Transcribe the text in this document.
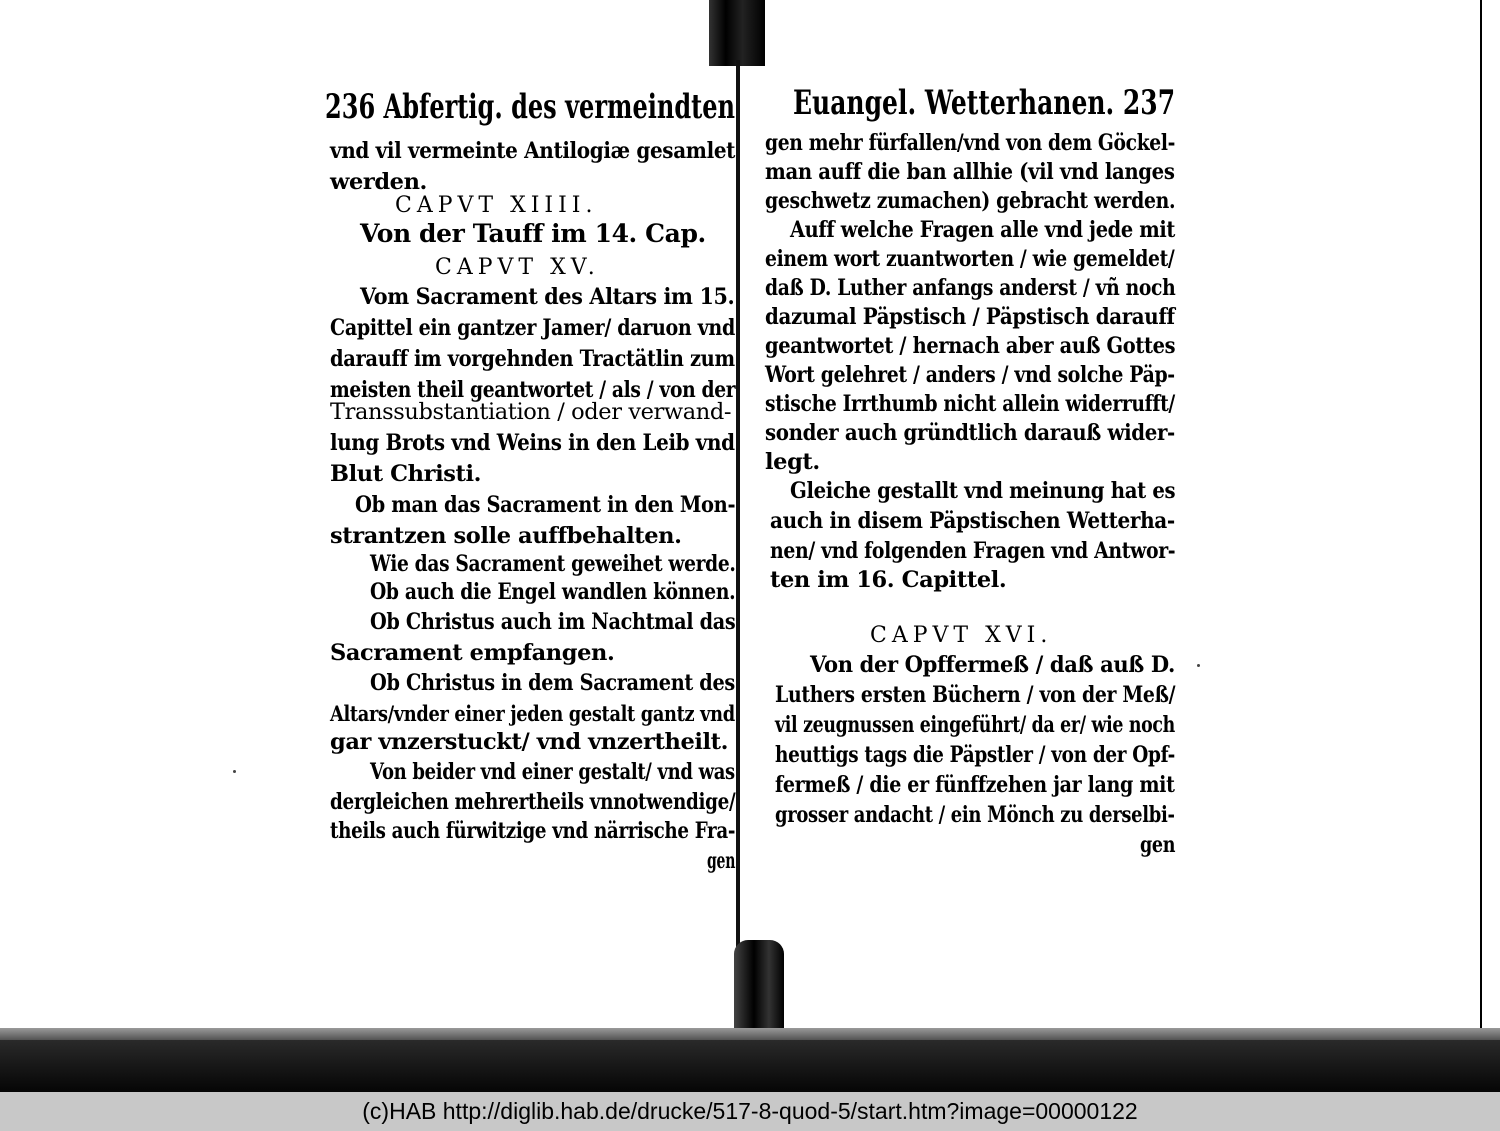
236 Abfertig. des vermeindten
vnd vil vermeinte Antilogiæ gesamlet
werden.
CAPVT XIIII.
Von der Tauff im 14. Cap.
CAPVT XV.
Vom Sacrament des Altars im 15.
Capittel ein gantzer Jamer/ daruon vnd
darauff im vorgehnden Tractätlin zum
meisten theil geantwortet / als / von der
Transsubstantiation / oder verwand-
lung Brots vnd Weins in den Leib vnd
Blut Christi.
Ob man das Sacrament in den Mon-
strantzen solle auffbehalten.
Wie das Sacrament geweihet werde.
Ob auch die Engel wandlen können.
Ob Christus auch im Nachtmal das
Sacrament empfangen.
Ob Christus in dem Sacrament des
Altars/vnder einer jeden gestalt gantz vnd
gar vnzerstuckt/ vnd vnzertheilt.
Von beider vnd einer gestalt/ vnd was
dergleichen mehrertheils vnnotwendige/
theils auch fürwitzige vnd närrische Fra-
gen
Euangel. Wetterhanen. 237
gen mehr fürfallen/vnd von dem Göckel-
man auff die ban allhie (vil vnd langes
geschwetz zumachen) gebracht werden.
Auff welche Fragen alle vnd jede mit
einem wort zuantworten / wie gemeldet/
daß D. Luther anfangs anderst / vñ noch
dazumal Päpstisch / Päpstisch darauff
geantwortet / hernach aber auß Gottes
Wort gelehret / anders / vnd solche Päp-
stische Irrthumb nicht allein widerrufft/
sonder auch gründtlich darauß wider-
legt.
Gleiche gestallt vnd meinung hat es
auch in disem Päpstischen Wetterha-
nen/ vnd folgenden Fragen vnd Antwor-
ten im 16. Capittel.
CAPVT XVI.
Von der Opffermeß / daß auß D.
Luthers ersten Büchern / von der Meß/
vil zeugnussen eingeführt/ da er/ wie noch
heuttigs tags die Päpstler / von der Opf-
fermeß / die er fünffzehen jar lang mit
grosser andacht / ein Mönch zu derselbi-
gen
(c)HAB http://diglib.hab.de/drucke/517-8-quod-5/start.htm?image=00000122
